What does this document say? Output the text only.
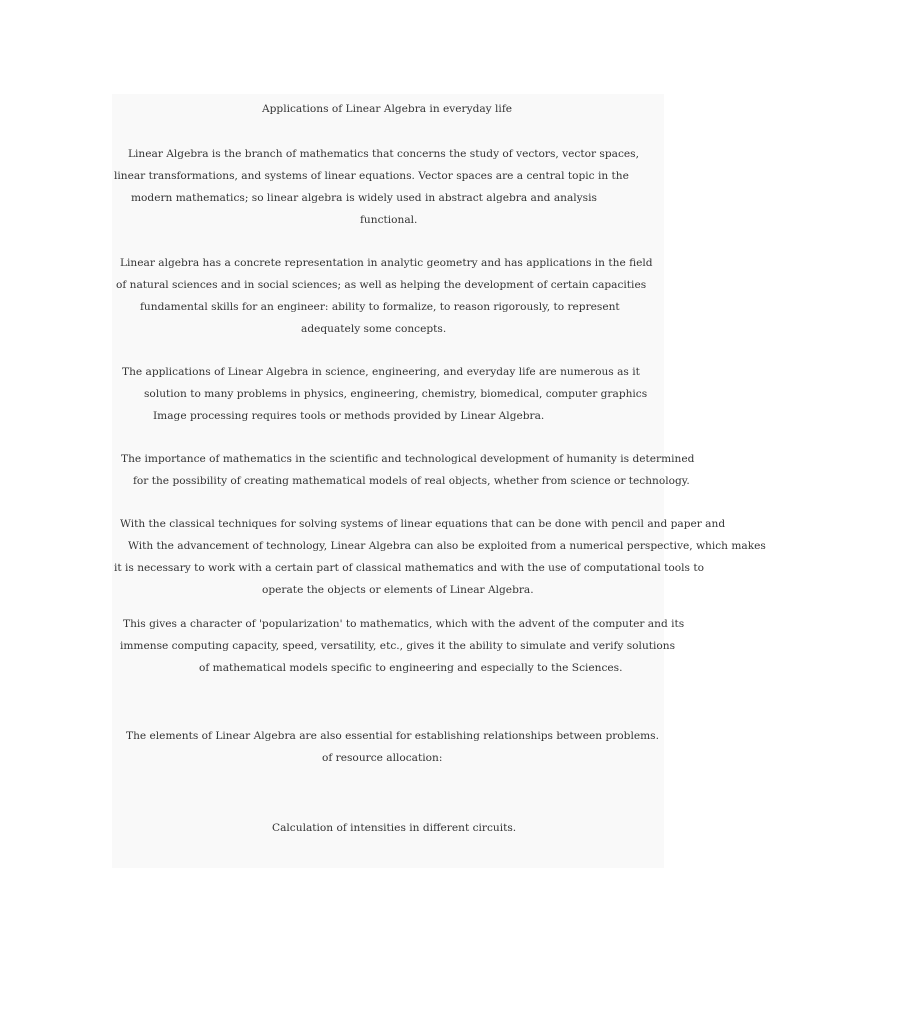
Applications of Linear Algebra in everyday life
Linear Algebra is the branch of mathematics that concerns the study of vectors, vector spaces,
linear transformations, and systems of linear equations. Vector spaces are a central topic in the
modern mathematics; so linear algebra is widely used in abstract algebra and analysis
functional.
Linear algebra has a concrete representation in analytic geometry and has applications in the field
of natural sciences and in social sciences; as well as helping the development of certain capacities
fundamental skills for an engineer: ability to formalize, to reason rigorously, to represent
adequately some concepts.
The applications of Linear Algebra in science, engineering, and everyday life are numerous as it
solution to many problems in physics, engineering, chemistry, biomedical, computer graphics
Image processing requires tools or methods provided by Linear Algebra.
The importance of mathematics in the scientific and technological development of humanity is determined
for the possibility of creating mathematical models of real objects, whether from science or technology.
With the classical techniques for solving systems of linear equations that can be done with pencil and paper and
With the advancement of technology, Linear Algebra can also be exploited from a numerical perspective, which makes
it is necessary to work with a certain part of classical mathematics and with the use of computational tools to
operate the objects or elements of Linear Algebra.
This gives a character of 'popularization' to mathematics, which with the advent of the computer and its
immense computing capacity, speed, versatility, etc., gives it the ability to simulate and verify solutions
of mathematical models specific to engineering and especially to the Sciences.
The elements of Linear Algebra are also essential for establishing relationships between problems.
of resource allocation:
Calculation of intensities in different circuits.
